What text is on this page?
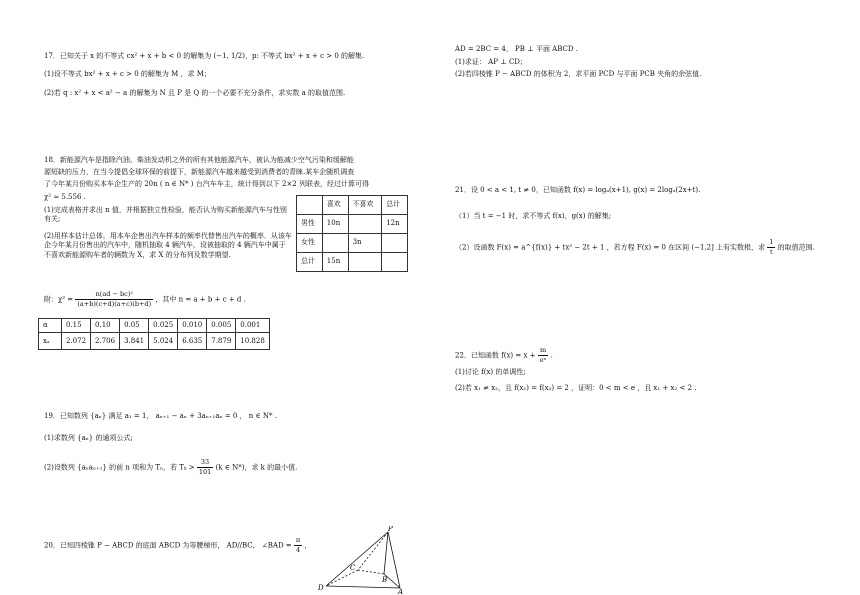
17．已知关于 x 的不等式 cx² + x + b < 0 的解集为 (−1, 1/2)，p: 不等式 bx² + x + c > 0 的解集.
(1)设不等式 bx² + x + c > 0 的解集为 M ，求 M；
(2)若 q : x² + x < a² − a 的解集为 N 且 P 是 Q 的一个必要不充分条件，求实数 a 的取值范围.
18．新能源汽车是指除汽油、柴油发动机之外的所有其他能源汽车，被认为能减少空气污染和缓解能
源短缺的压力，在当今提倡全球环保的前提下，新能源汽车越来越受到消费者的青睐.某车企随机调查
了今年某月份购买本车企生产的 20n ( n ∈ N* ) 台汽车车主，统计得到以下 2×2 列联表，经过计算可得
χ² ≈ 5.556 .
(1)完成表格并求出 n 值，并根据独立性检验，能否认为购买新能源汽车与性别有关;
(2)用样本估计总体，用本车企售出汽车样本的频率代替售出汽车的概率．从该车企今年某月份售出的汽车中，随机抽取 4 辆汽车，设被抽取的 4 辆汽车中属于不喜欢新能源购车者的辆数为 X，求 X 的分布列及数学期望.
	喜欢	不喜欢	总计
男性	10n		12n
女性		3n	
总计	15n		
附：$\chi^2 = \frac{\text{n(ad − bc)²}}{(a+b)(c+d)(a+c)(b+d)}$ ，其中 n = a + b + c + d .
α	0.15	0.10	0.05	0.025	0.010	0.005	0.001
xₐ	2.072	2.706	3.841	5.024	6.635	7.879	10.828
19．已知数列 {aₙ} 满足 a₁ = 1， aₙ₊₁ − aₙ + 3aₙ₊₁aₙ = 0 ， n ∈ N* .
(1)求数列 {aₙ} 的通项公式;
(2)设数列 {aₙaₙ₊₁} 的前 n 项和为 Tₙ，若 $T_k > \frac{33}{101} (k$ ∈ N*)，求 k 的最小值.
20．已知四棱锥 P − ABCD 的底面 ABCD 为等腰梯形， AD//BC， ∠BAD = $\frac{\pi}{4}$ ，
P
C
B
D	A
AD = 2BC = 4， PB ⊥ 平面 ABCD .
(1)求证： AP ⊥ CD；
(2)若四棱锥 P − ABCD 的体积为 2，求平面 PCD 与平面 PCB 夹角的余弦值.
21．设 0 < a < 1, t ≠ 0，已知函数 f(x) = logₐ(x+1), g(x) = 2logₐ(2x+t).
（1）当 t = −1 时，求不等式 f(x)，g(x) 的解集;
（2）设函数 F(x) = a^{f(x)} + tx² − 2t + 1 ，若方程 F(x) = 0 在区间 (−1,2] 上有实数根，求 $\frac{1}{t}$ 的取值范围.
22．已知函数 $f(x) = x + \frac{m}{\text{eˣ}}$ .
(1)讨论 f(x) 的单调性;
(2)若 x₁ ≠ x₂，且 f(x₁) = f(x₂) = 2 ，证明：0 < m < e ，且 x₁ + x₂ < 2 .
